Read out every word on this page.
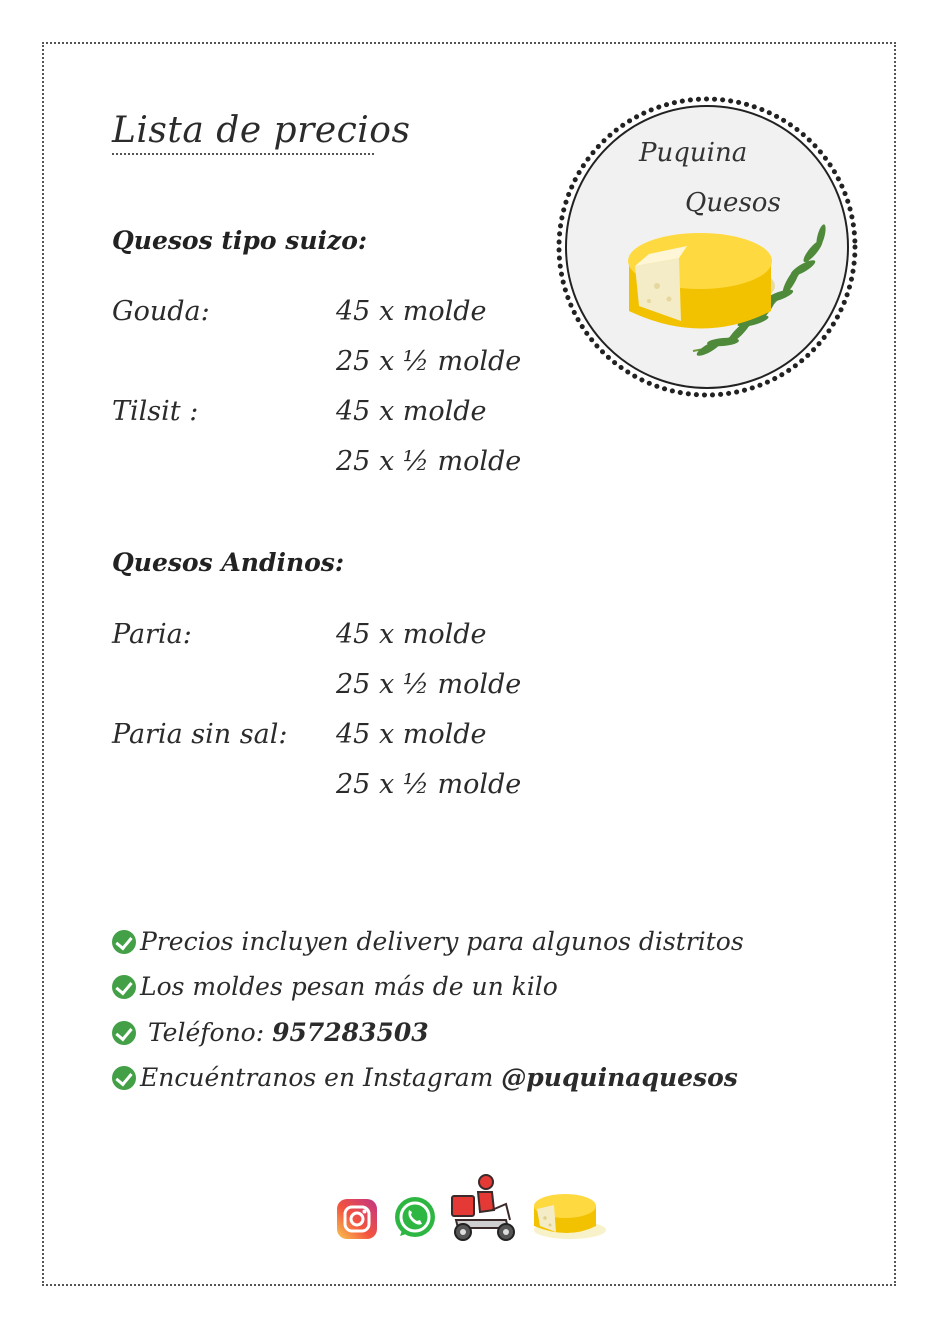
Lista de precios
Puquina
Quesos
Quesos tipo suizo:
Gouda:	45 x molde
25 x ½ molde
Tilsit :	45 x molde
25 x ½ molde
Quesos Andinos:
Paria:	45 x molde
25 x ½ molde
Paria sin sal: 45 x molde
25 x ½ molde
Precios incluyen delivery para algunos distritos
Los moldes pesan más de un kilo
Teléfono: 957283503
Encuéntranos en Instagram @puquinaquesos
